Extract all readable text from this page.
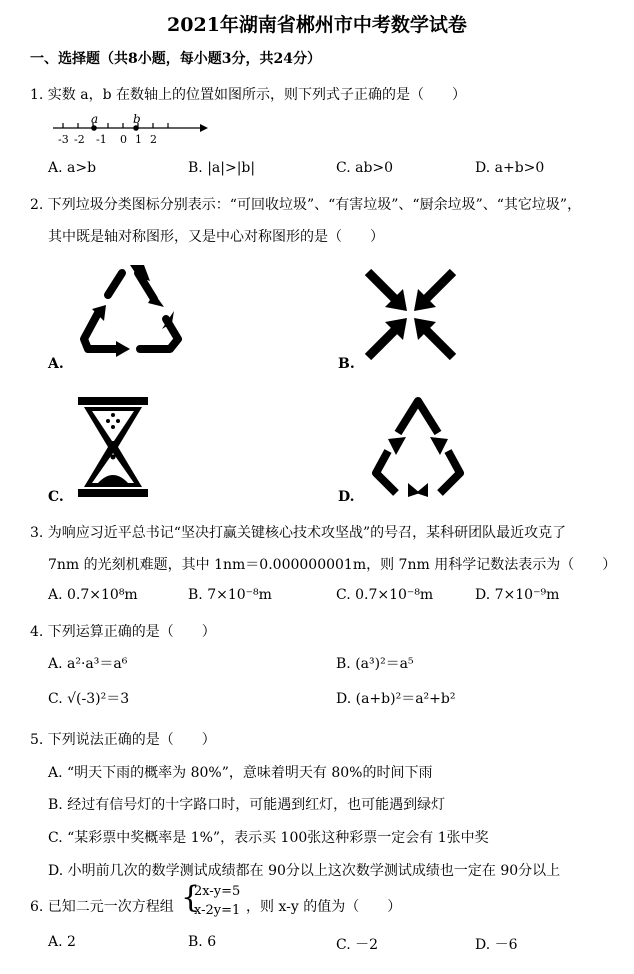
2021年湖南省郴州市中考数学试卷
一、选择题（共8小题，每小题3分，共24分）
1. 实数 a，b 在数轴上的位置如图所示，则下列式子正确的是（　　）
a	b
-3 -2 -1 0 1 2
A. a>b	B. |a|>|b|	C. ab>0	D. a+b>0
2. 下列垃圾分类图标分别表示：“可回收垃圾”、“有害垃圾”、“厨余垃圾”、“其它垃圾”，
其中既是轴对称图形，又是中心对称图形的是（　　）
A.	B.
C.	D.
3. 为响应习近平总书记“坚决打赢关键核心技术攻坚战”的号召，某科研团队最近攻克了
7nm 的光刻机难题，其中 1nm＝0.000000001m，则 7nm 用科学记数法表示为（　　）
A. 0.7×10⁸m	B. 7×10⁻⁸m	C. 0.7×10⁻⁸m	D. 7×10⁻⁹m
4. 下列运算正确的是（　　）
A. a²·a³＝a⁶	B. (a³)²＝a⁵
C. √(-3)²＝3	D. (a+b)²＝a²+b²
5. 下列说法正确的是（　　）
A. “明天下雨的概率为 80%”，意味着明天有 80%的时间下雨
B. 经过有信号灯的十字路口时，可能遇到红灯，也可能遇到绿灯
C. “某彩票中奖概率是 1%”，表示买 100张这种彩票一定会有 1张中奖
D. 小明前几次的数学测试成绩都在 90分以上这次数学测试成绩也一定在 90分以上
6. 已知二元一次方程组 {
2x-y=5
x-2y=1 ，则 x-y 的值为（　　）
A. 2	B. 6	C. －2	D. －6
